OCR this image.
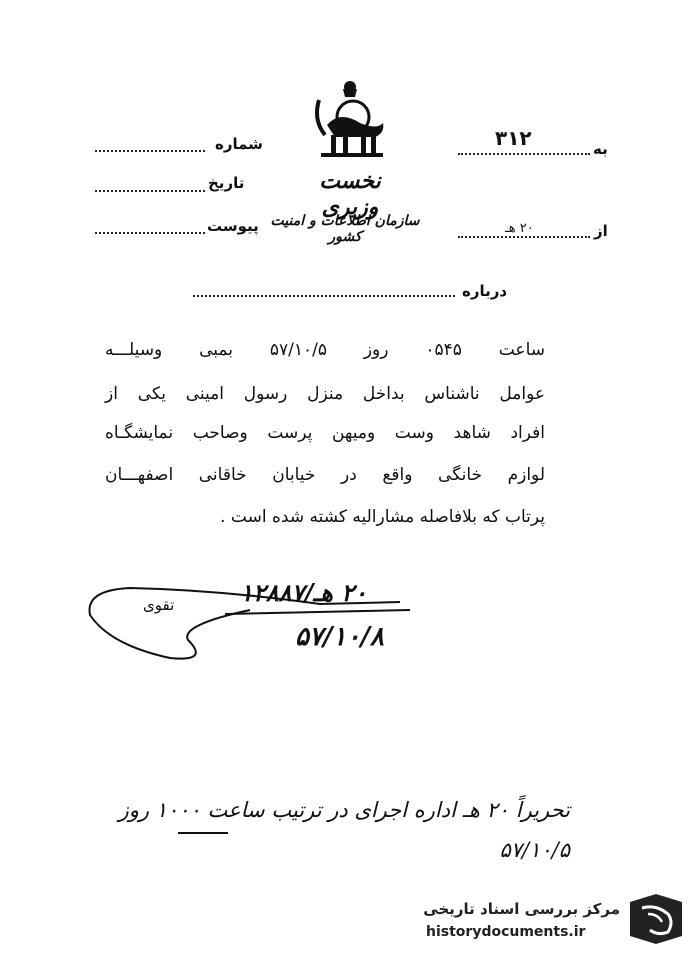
نخست وزیری
سازمان اطلاعات و امنیت کشور
شماره
تاریخ
پیوست
۳۱۲	به
۲۰ هـ	از
درباره
ساعت ۰۵۴۵ روز ۵۷/۱۰/۵ بمبی وسیلـــه
عوامل ناشناس بداخل منزل رسول امینی یکی از
افراد شاهد وست ومیهن پرست وصاحب نمایشگـاه
لوازم خانگی واقع در خیابان خاقانی اصفهـــان
پرتاب که بلافاصله مشارالیه کشته شده است .
تقوی	۲۰ هـ/۱۲۸۸۷
۵۷/۱۰/۸
تحریراً ۲۰ هـ اداره اجرای در ترتیب ساعت ۱۰۰۰ روز ۵۷/۱۰/۵
مرکز بررسی اسناد تاریخی
historydocuments.ir
